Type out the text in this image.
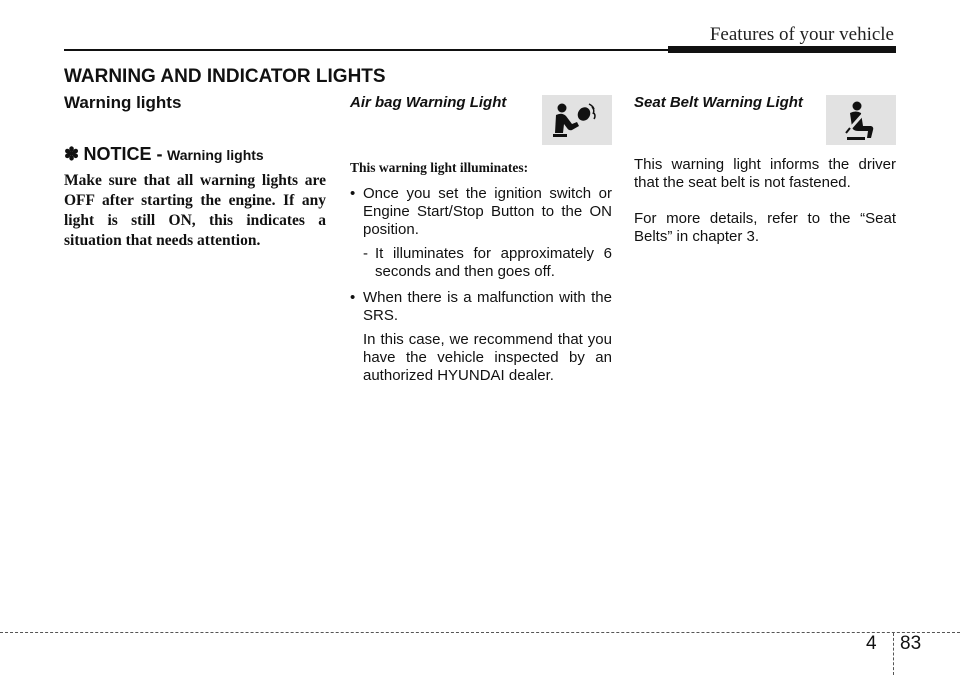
Features of your vehicle
WARNING AND INDICATOR LIGHTS
Warning lights
✽ NOTICE - Warning lights
Make sure that all warning lights are OFF after starting the engine. If any light is still ON, this indicates a situation that needs attention.
Air bag Warning Light
This warning light illuminates:
• Once you set the ignition switch or Engine Start/Stop Button to the ON position.
- It illuminates for approximately 6 seconds and then goes off.
• When there is a malfunction with the SRS.
In this case, we recommend that you have the vehicle inspected by an authorized HYUNDAI dealer.
Seat Belt Warning Light
This warning light informs the driver that the seat belt is not fastened.
For more details, refer to the “Seat Belts” in chapter 3.
4 83
